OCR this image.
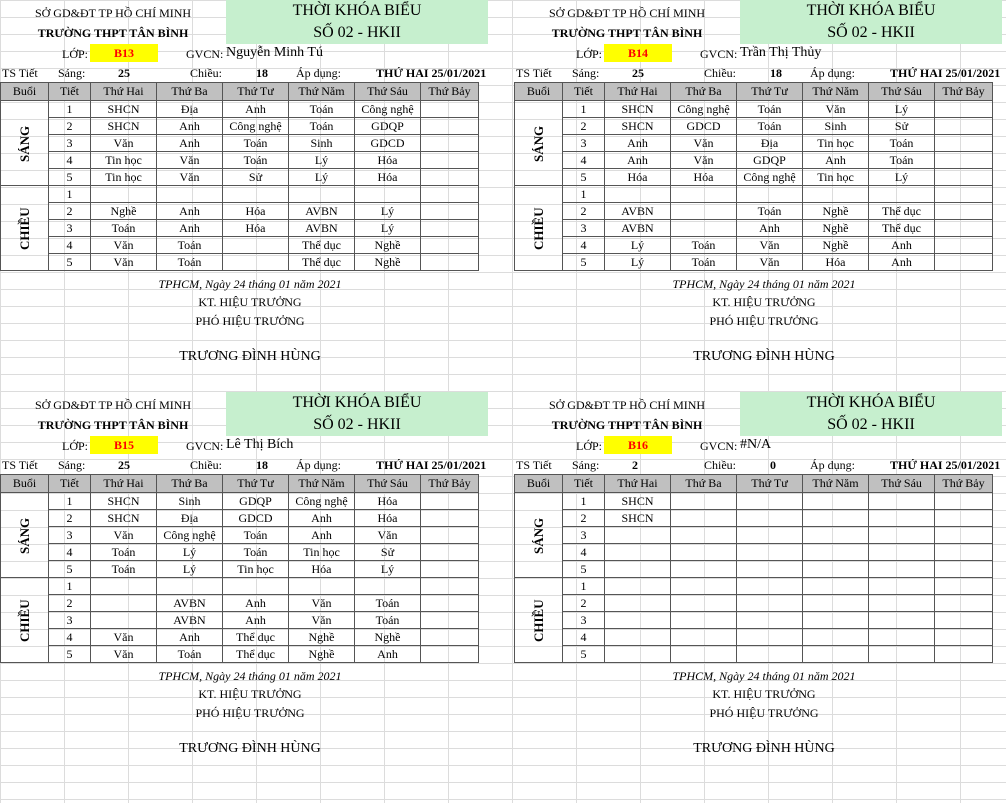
SỞ GD&ĐT TP HỒ CHÍ MINH
TRƯỜNG THPT TÂN BÌNH
THỜI KHÓA BIỂU
SỐ 02 - HKII
LỚP:	B13	GVCN: Nguyễn Minh Tú
TS Tiết Sáng:	25	Chiều:	18 Áp dụng:	THỨ HAI 25/01/2021
Buổi	Tiết	Thứ Hai	Thứ Ba	Thứ Tư	Thứ Năm	Thứ Sáu	Thứ Bảy
SÁNG	1	SHCN	Địa	Anh	Toán	Công nghệ	
	2	SHCN	Anh	Công nghệ	Toán	GDQP	
	3	Văn	Anh	Toán	Sinh	GDCD	
	4	Tin học	Văn	Toán	Lý	Hóa	
	5	Tin học	Văn	Sử	Lý	Hóa	
CHIỀU	1						
	2	Nghề	Anh	Hóa	AVBN	Lý	
	3	Toán	Anh	Hóa	AVBN	Lý	
	4	Văn	Toán		Thể dục	Nghề	
	5	Văn	Toán		Thể dục	Nghề	
TPHCM, Ngày 24 tháng 01 năm 2021
KT. HIỆU TRƯỞNG
PHÓ HIỆU TRƯỞNG
TRƯƠNG ĐÌNH HÙNG
SỞ GD&ĐT TP HỒ CHÍ MINH
TRƯỜNG THPT TÂN BÌNH
THỜI KHÓA BIỂU
SỐ 02 - HKII
LỚP:	B14	GVCN: Trần Thị Thủy
TS Tiết Sáng:	25	Chiều:	18 Áp dụng:	THỨ HAI 25/01/2021
Buổi	Tiết	Thứ Hai	Thứ Ba	Thứ Tư	Thứ Năm	Thứ Sáu	Thứ Bảy
SÁNG	1	SHCN	Công nghệ	Toán	Văn	Lý	
	2	SHCN	GDCD	Toán	Sinh	Sử	
	3	Anh	Văn	Địa	Tin học	Toán	
	4	Anh	Văn	GDQP	Anh	Toán	
	5	Hóa	Hóa	Công nghệ	Tin học	Lý	
CHIỀU	1						
	2	AVBN		Toán	Nghề	Thể dục	
	3	AVBN		Anh	Nghề	Thể dục	
	4	Lý	Toán	Văn	Nghề	Anh	
	5	Lý	Toán	Văn	Hóa	Anh	
TPHCM, Ngày 24 tháng 01 năm 2021
KT. HIỆU TRƯỞNG
PHÓ HIỆU TRƯỞNG
TRƯƠNG ĐÌNH HÙNG
SỞ GD&ĐT TP HỒ CHÍ MINH
TRƯỜNG THPT TÂN BÌNH
THỜI KHÓA BIỂU
SỐ 02 - HKII
LỚP:	B15	GVCN: Lê Thị Bích
TS Tiết Sáng:	25	Chiều:	18 Áp dụng:	THỨ HAI 25/01/2021
Buổi	Tiết	Thứ Hai	Thứ Ba	Thứ Tư	Thứ Năm	Thứ Sáu	Thứ Bảy
SÁNG	1	SHCN	Sinh	GDQP	Công nghệ	Hóa	
	2	SHCN	Địa	GDCD	Anh	Hóa	
	3	Văn	Công nghệ	Toán	Anh	Văn	
	4	Toán	Lý	Toán	Tin học	Sử	
	5	Toán	Lý	Tin học	Hóa	Lý	
CHIỀU	1						
	2		AVBN	Anh	Văn	Toán	
	3		AVBN	Anh	Văn	Toán	
	4	Văn	Anh	Thể dục	Nghề	Nghề	
	5	Văn	Toán	Thể dục	Nghề	Anh	
TPHCM, Ngày 24 tháng 01 năm 2021
KT. HIỆU TRƯỞNG
PHÓ HIỆU TRƯỞNG
TRƯƠNG ĐÌNH HÙNG
SỞ GD&ĐT TP HỒ CHÍ MINH
TRƯỜNG THPT TÂN BÌNH
THỜI KHÓA BIỂU
SỐ 02 - HKII
LỚP:	B16	GVCN: #N/A
TS Tiết Sáng:	2	Chiều:	0	Áp dụng:	THỨ HAI 25/01/2021
Buổi	Tiết	Thứ Hai	Thứ Ba	Thứ Tư	Thứ Năm	Thứ Sáu	Thứ Bảy
SÁNG	1	SHCN					
	2	SHCN					
	3						
	4						
	5						
CHIỀU	1						
	2						
	3						
	4						
	5						
TPHCM, Ngày 24 tháng 01 năm 2021
KT. HIỆU TRƯỞNG
PHÓ HIỆU TRƯỞNG
TRƯƠNG ĐÌNH HÙNG
